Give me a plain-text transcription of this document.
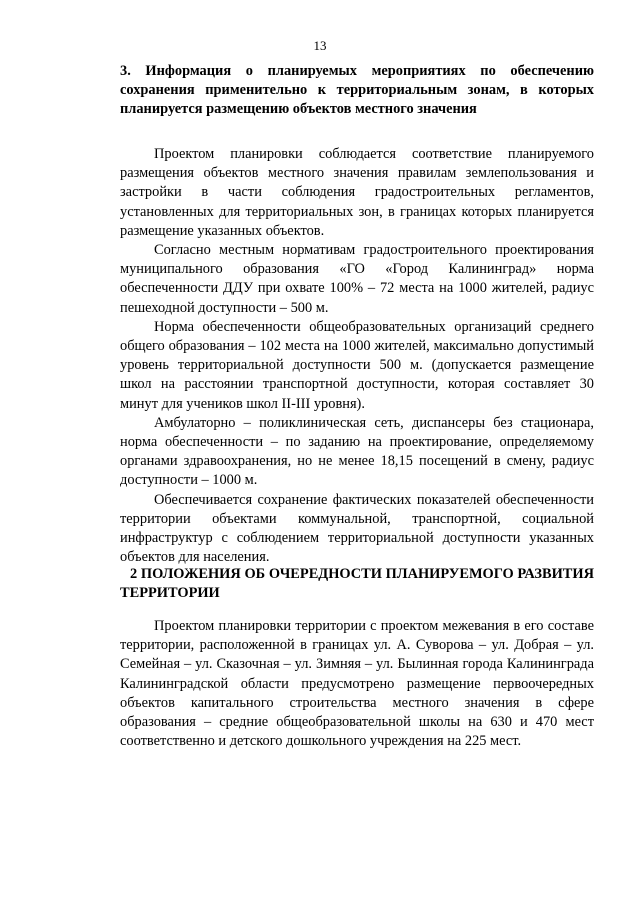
13
3. Информация о планируемых мероприятиях по обеспечению сохранения применительно к территориальным зонам, в которых планируется размещению объектов местного значения

Проектом планировки соблюдается соответствие планируемого размещения объектов местного значения правилам землепользования и застройки в части соблюдения градостроительных регламентов, установленных для территориальных зон, в границах которых планируется размещение указанных объектов.

Согласно местным нормативам градостроительного проектирования муниципального образования «ГО «Город Калининград» норма обеспеченности ДДУ при охвате 100% – 72 места на 1000 жителей, радиус пешеходной доступности – 500 м.

Норма обеспеченности общеобразовательных организаций среднего общего образования – 102 места на 1000 жителей, максимально допустимый уровень территориальной доступности 500 м. (допускается размещение школ на расстоянии транспортной доступности, которая составляет 30 минут для учеников школ II-III уровня).

Амбулаторно – поликлиническая сеть, диспансеры без стационара, норма обеспеченности – по заданию на проектирование, определяемому органами здравоохранения, но не менее 18,15 посещений в смену, радиус доступности – 1000 м.

Обеспечивается сохранение фактических показателей обеспеченности территории объектами коммунальной, транспортной, социальной инфраструктур с соблюдением территориальной доступности указанных объектов для населения.

2 ПОЛОЖЕНИЯ ОБ ОЧЕРЕДНОСТИ ПЛАНИРУЕМОГО РАЗВИТИЯ ТЕРРИТОРИИ

Проектом планировки территории с проектом межевания в его составе территории, расположенной в границах ул. А. Суворова – ул. Добрая – ул. Семейная – ул. Сказочная – ул. Зимняя – ул. Былинная города Калининграда Калининградской области предусмотрено размещение первоочередных объектов капитального строительства местного значения в сфере образования – средние общеобразовательной школы на 630 и 470 мест соответственно и детского дошкольного учреждения на 225 мест.
